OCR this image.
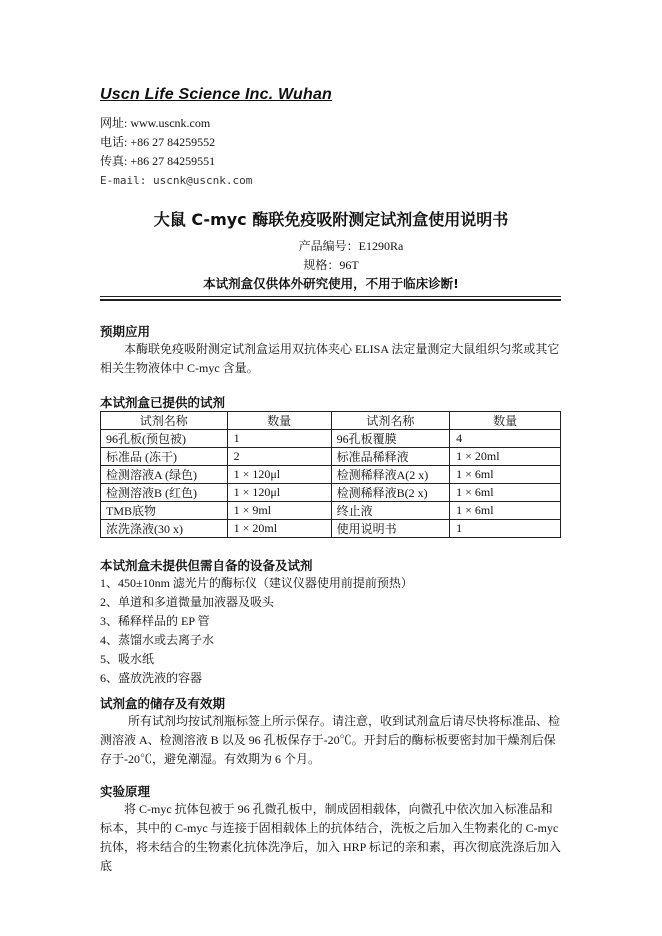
Uscn Life Science Inc. Wuhan
网址: www.uscnk.com
电话: +86 27 84259552
传真: +86 27 84259551
E-mail: uscnk@uscnk.com
大鼠 C-myc 酶联免疫吸附测定试剂盒使用说明书
产品编号：E1290Ra
规格：96T
本试剂盒仅供体外研究使用，不用于临床诊断!
预期应用
本酶联免疫吸附测定试剂盒运用双抗体夹心 ELISA 法定量测定大鼠组织匀浆或其它相关生物液体中 C-myc 含量。
本试剂盒已提供的试剂
试剂名称	数量	试剂名称	数量
96孔板(预包被)	1	96孔板覆膜	4
标准品 (冻干)	2	标准品稀释液	1 × 20ml
检测溶液A (绿色)	1 × 120μl	检测稀释液A(2 x)	1 × 6ml
检测溶液B (红色)	1 × 120μl	检测稀释液B(2 x)	1 × 6ml
TMB底物	1 × 9ml	终止液	1 × 6ml
浓洗涤液(30 x)	1 × 20ml	使用说明书	1
本试剂盒未提供但需自备的设备及试剂
1、450±10nm 滤光片的酶标仪（建议仪器使用前提前预热）
2、单道和多道微量加液器及吸头
3、稀释样品的 EP 管
4、蒸馏水或去离子水
5、吸水纸
6、盛放洗液的容器
试剂盒的储存及有效期
所有试剂均按试剂瓶标签上所示保存。请注意，收到试剂盒后请尽快将标准品、检测溶液 A、检测溶液 B 以及 96 孔板保存于-20℃。开封后的酶标板要密封加干燥剂后保存于-20℃，避免潮湿。有效期为 6 个月。
实验原理
将 C-myc 抗体包被于 96 孔微孔板中，制成固相载体，向微孔中依次加入标准品和标本，其中的 C-myc 与连接于固相载体上的抗体结合，洗板之后加入生物素化的 C-myc 抗体，将未结合的生物素化抗体洗净后，加入 HRP 标记的亲和素，再次彻底洗涤后加入底
